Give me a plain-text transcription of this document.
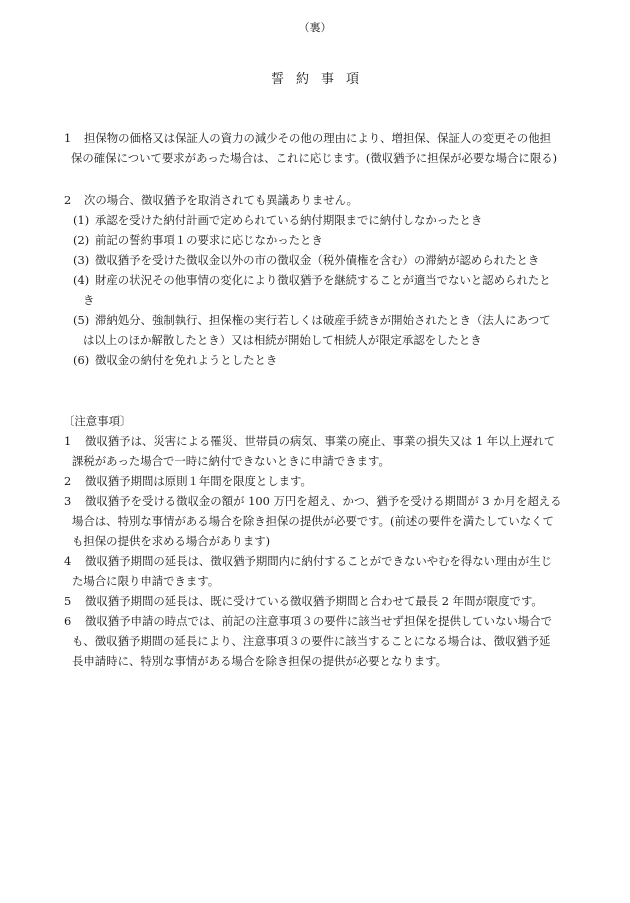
（裏）
誓約事項
1 担保物の価格又は保証人の資力の減少その他の理由により、増担保、保証人の変更その他担
保の確保について要求があった場合は、これに応じます。(徴収猶予に担保が必要な場合に限る)
2 次の場合、徴収猶予を取消されても異議ありません。
(1) 承認を受けた納付計画で定められている納付期限までに納付しなかったとき
(2) 前記の誓約事項１の要求に応じなかったとき
(3) 徴収猶予を受けた徴収金以外の市の徴収金（税外債権を含む）の滞納が認められたとき
(4) 財産の状況その他事情の変化により徴収猶予を継続することが適当でないと認められたと
き
(5) 滞納処分、強制執行、担保権の実行若しくは破産手続きが開始されたとき（法人にあつて
は以上のほか解散したとき）又は相続が開始して相続人が限定承認をしたとき
(6) 徴収金の納付を免れようとしたとき
〔注意事項〕
1 徴収猶予は、災害による罹災、世帯員の病気、事業の廃止、事業の損失又は 1 年以上遅れて
課税があった場合で一時に納付できないときに申請できます。
2 徴収猶予期間は原則１年間を限度とします。
3 徴収猶予を受ける徴収金の額が 100 万円を超え、かつ、猶予を受ける期間が 3 か月を超える
場合は、特別な事情がある場合を除き担保の提供が必要です。(前述の要件を満たしていなくて
も担保の提供を求める場合があります)
4 徴収猶予期間の延長は、徴収猶予期間内に納付することができないやむを得ない理由が生じ
た場合に限り申請できます。
5 徴収猶予期間の延長は、既に受けている徴収猶予期間と合わせて最長 2 年間が限度です。
6 徴収猶予申請の時点では、前記の注意事項３の要件に該当せず担保を提供していない場合で
も、徴収猶予期間の延長により、注意事項３の要件に該当することになる場合は、徴収猶予延
長申請時に、特別な事情がある場合を除き担保の提供が必要となります。
